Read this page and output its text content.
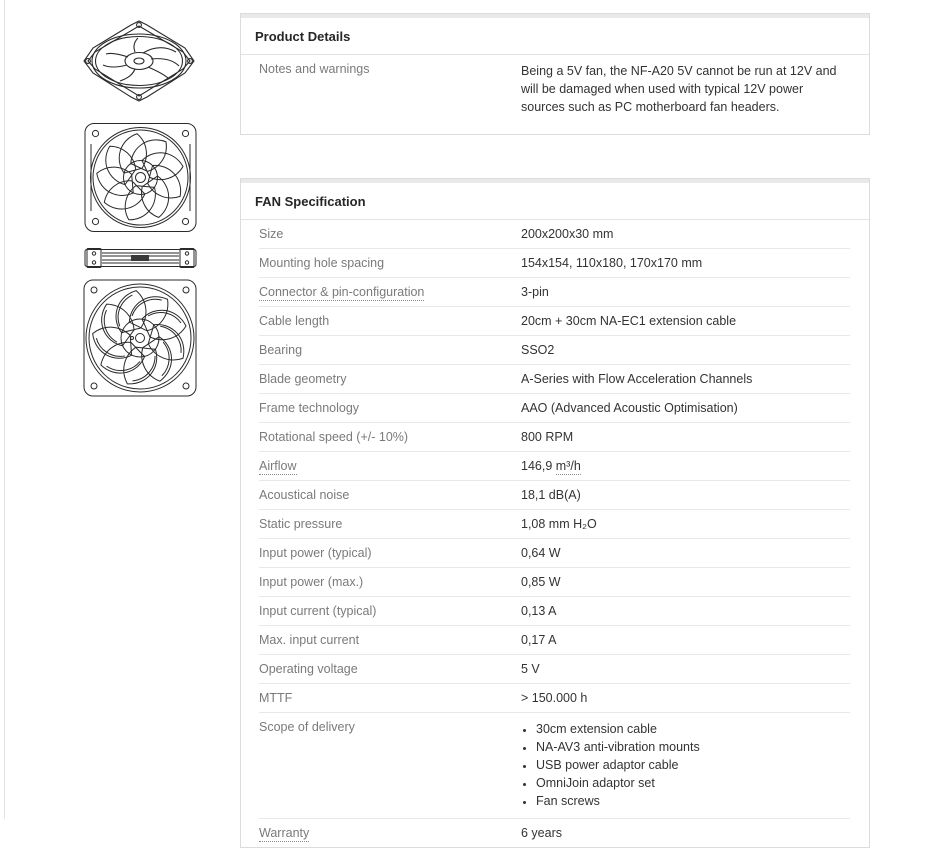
Product Details
Notes and warnings	Being a 5V fan, the NF-A20 5V cannot be run at 12V and will be damaged when used with typical 12V power sources such as PC motherboard fan headers.
FAN Specification
Size	200x200x30 mm
Mounting hole spacing	154x154, 110x180, 170x170 mm
Connector & pin-configuration	3-pin
Cable length	20cm + 30cm NA-EC1 extension cable
Bearing	SSO2
Blade geometry	A-Series with Flow Acceleration Channels
Frame technology	AAO (Advanced Acoustic Optimisation)
Rotational speed (+/- 10%)	800 RPM
Airflow	146,9 m³/h
Acoustical noise	18,1 dB(A)
Static pressure	1,08 mm H₂O
Input power (typical)	0,64 W
Input power (max.)	0,85 W
Input current (typical)	0,13 A
Max. input current	0,17 A
Operating voltage	5 V
MTTF	> 150.000 h
Scope of delivery	• 30cm extension cable
• NA-AV3 anti-vibration mounts
• USB power adaptor cable
• OmniJoin adaptor set
• Fan screws
Warranty	6 years
